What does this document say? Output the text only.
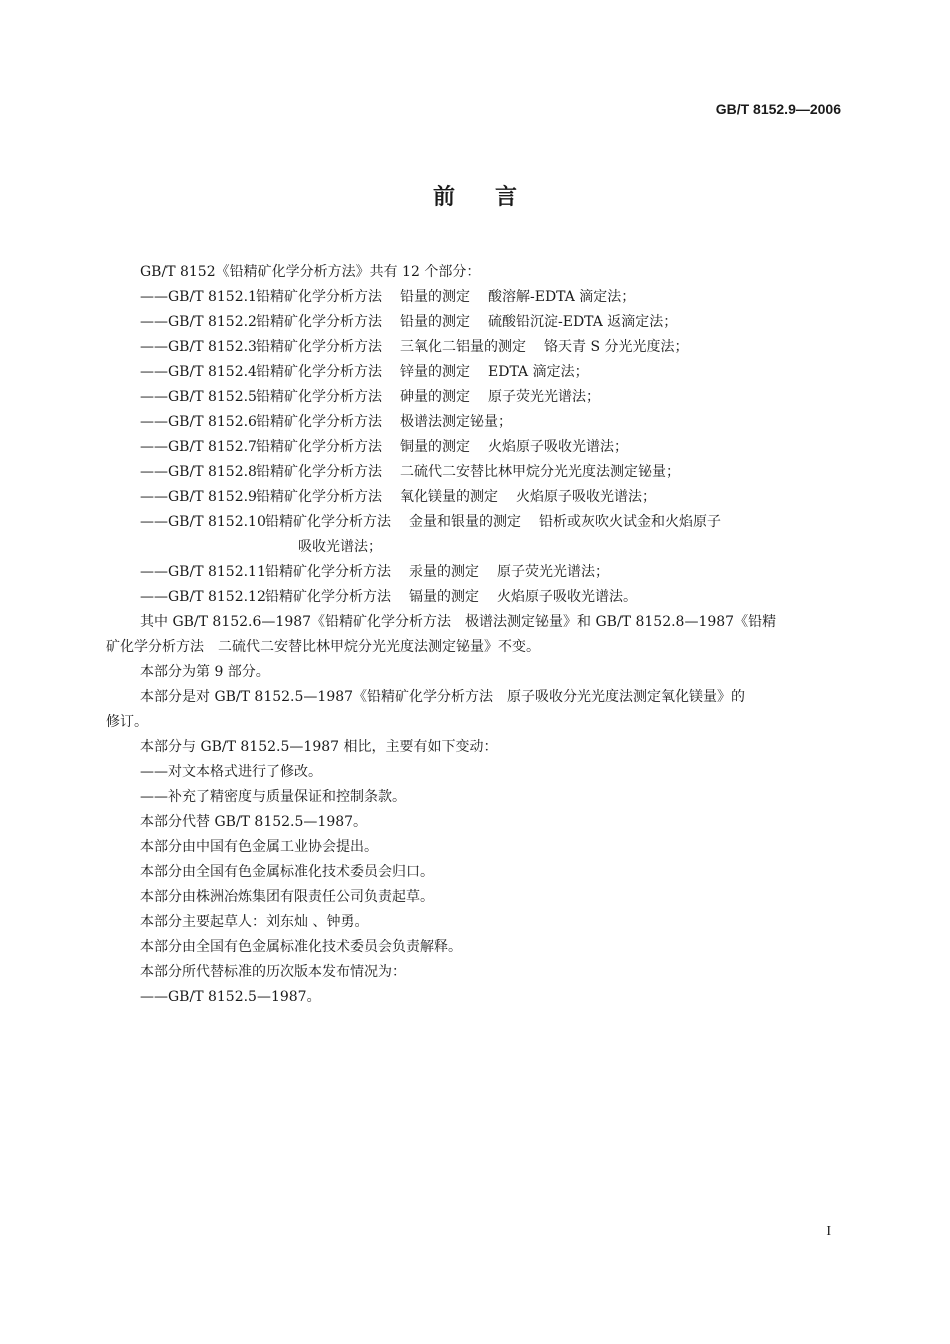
GB/T 8152.9—2006
前言
GB/T 8152《铅精矿化学分析方法》共有 12 个部分：
——GB/T 8152.1 铅精矿化学分析方法 铅量的测定 酸溶解-EDTA 滴定法；
——GB/T 8152.2 铅精矿化学分析方法 铅量的测定 硫酸铅沉淀-EDTA 返滴定法；
——GB/T 8152.3 铅精矿化学分析方法 三氧化二铝量的测定 铬天青 S 分光光度法；
——GB/T 8152.4 铅精矿化学分析方法 锌量的测定 EDTA 滴定法；
——GB/T 8152.5 铅精矿化学分析方法 砷量的测定 原子荧光光谱法；
——GB/T 8152.6 铅精矿化学分析方法 极谱法测定铋量；
——GB/T 8152.7 铅精矿化学分析方法 铜量的测定 火焰原子吸收光谱法；
——GB/T 8152.8 铅精矿化学分析方法 二硫代二安替比林甲烷分光光度法测定铋量；
——GB/T 8152.9 铅精矿化学分析方法 氧化镁量的测定 火焰原子吸收光谱法；
——GB/T 8152.10 铅精矿化学分析方法 金量和银量的测定 铅析或灰吹火试金和火焰原子
吸收光谱法；
——GB/T 8152.11 铅精矿化学分析方法 汞量的测定 原子荧光光谱法；
——GB/T 8152.12 铅精矿化学分析方法 镉量的测定 火焰原子吸收光谱法。
其中 GB/T 8152.6—1987《铅精矿化学分析方法　极谱法测定铋量》和 GB/T 8152.8—1987《铅精
矿化学分析方法　二硫代二安替比林甲烷分光光度法测定铋量》不变。
本部分为第 9 部分。
本部分是对 GB/T 8152.5—1987《铅精矿化学分析方法　原子吸收分光光度法测定氧化镁量》的
修订。
本部分与 GB/T 8152.5—1987 相比，主要有如下变动：
——对文本格式进行了修改。
——补充了精密度与质量保证和控制条款。
本部分代替 GB/T 8152.5—1987。
本部分由中国有色金属工业协会提出。
本部分由全国有色金属标准化技术委员会归口。
本部分由株洲冶炼集团有限责任公司负责起草。
本部分主要起草人：刘东灿 、钟勇。
本部分由全国有色金属标准化技术委员会负责解释。
本部分所代替标准的历次版本发布情况为：
——GB/T 8152.5—1987。
I
